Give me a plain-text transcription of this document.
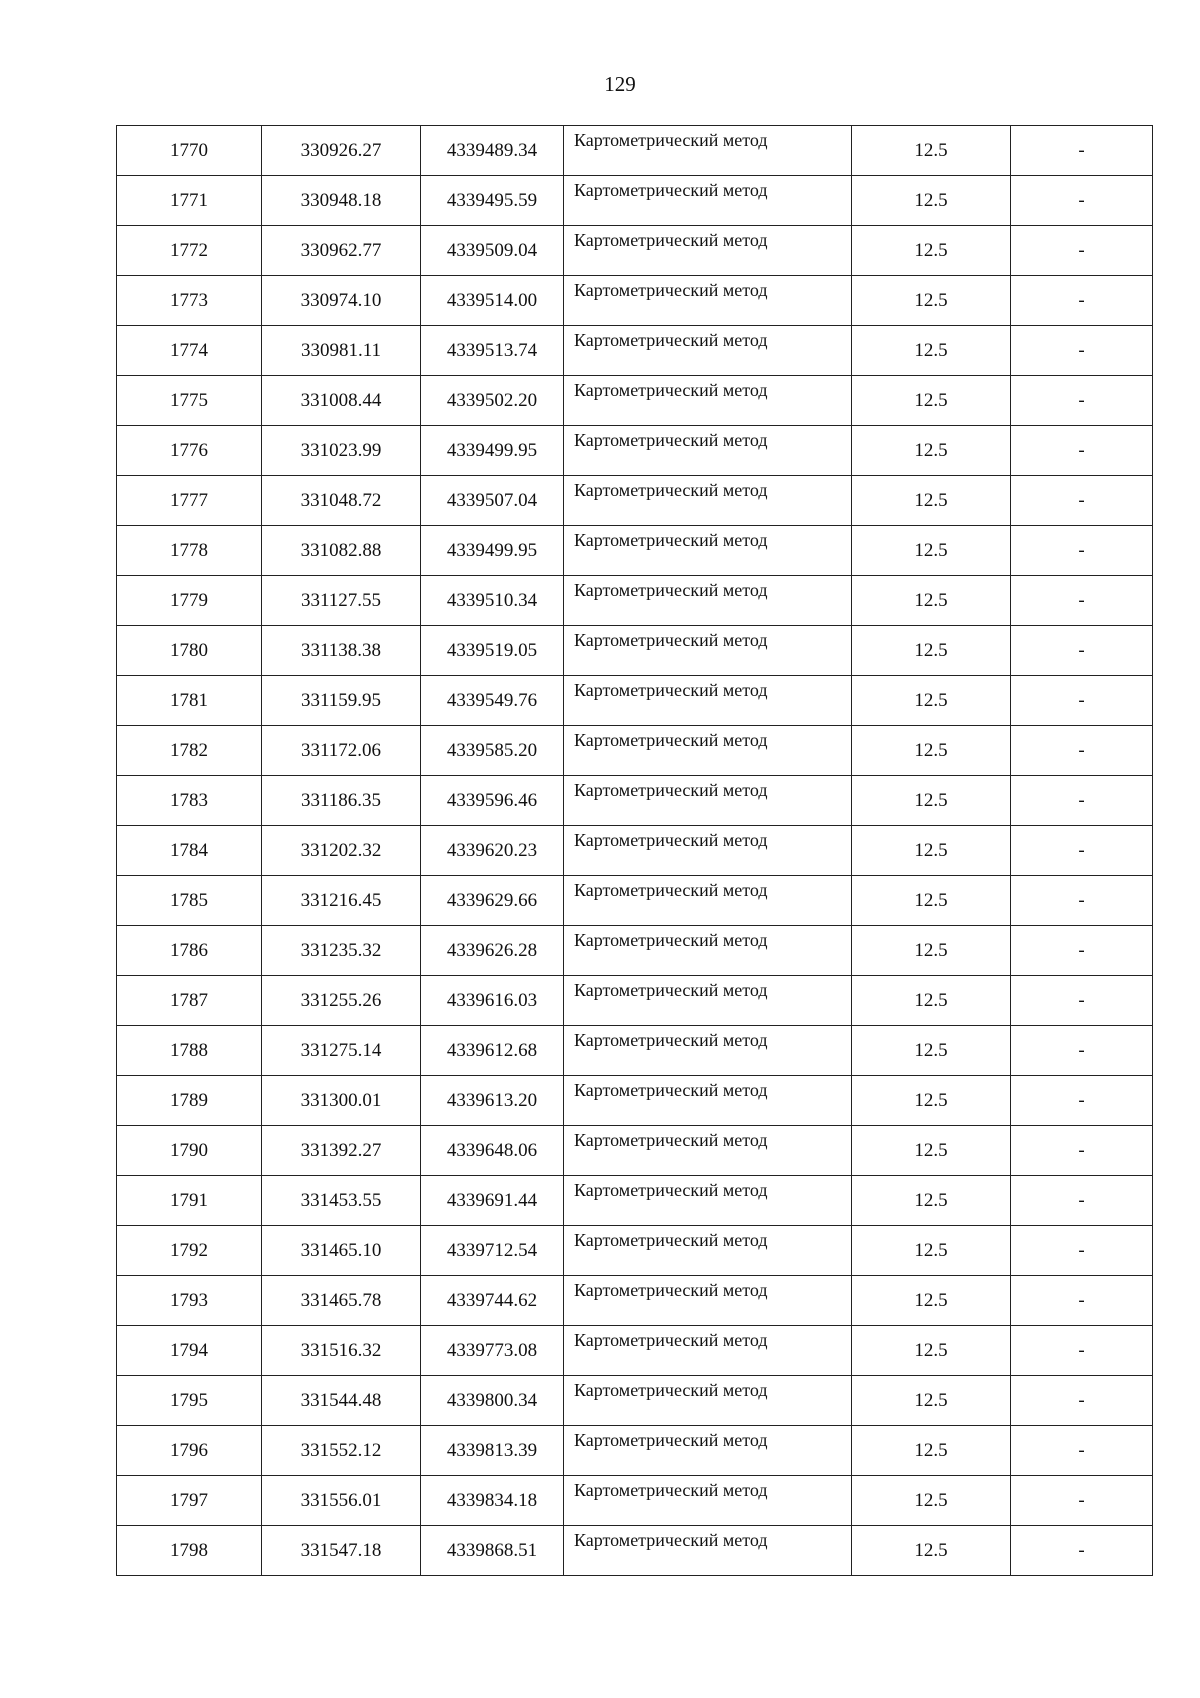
129
1770	330926.27	4339489.34	Картометрический метод	12.5	-
1771	330948.18	4339495.59	Картометрический метод	12.5	-
1772	330962.77	4339509.04	Картометрический метод	12.5	-
1773	330974.10	4339514.00	Картометрический метод	12.5	-
1774	330981.11	4339513.74	Картометрический метод	12.5	-
1775	331008.44	4339502.20	Картометрический метод	12.5	-
1776	331023.99	4339499.95	Картометрический метод	12.5	-
1777	331048.72	4339507.04	Картометрический метод	12.5	-
1778	331082.88	4339499.95	Картометрический метод	12.5	-
1779	331127.55	4339510.34	Картометрический метод	12.5	-
1780	331138.38	4339519.05	Картометрический метод	12.5	-
1781	331159.95	4339549.76	Картометрический метод	12.5	-
1782	331172.06	4339585.20	Картометрический метод	12.5	-
1783	331186.35	4339596.46	Картометрический метод	12.5	-
1784	331202.32	4339620.23	Картометрический метод	12.5	-
1785	331216.45	4339629.66	Картометрический метод	12.5	-
1786	331235.32	4339626.28	Картометрический метод	12.5	-
1787	331255.26	4339616.03	Картометрический метод	12.5	-
1788	331275.14	4339612.68	Картометрический метод	12.5	-
1789	331300.01	4339613.20	Картометрический метод	12.5	-
1790	331392.27	4339648.06	Картометрический метод	12.5	-
1791	331453.55	4339691.44	Картометрический метод	12.5	-
1792	331465.10	4339712.54	Картометрический метод	12.5	-
1793	331465.78	4339744.62	Картометрический метод	12.5	-
1794	331516.32	4339773.08	Картометрический метод	12.5	-
1795	331544.48	4339800.34	Картометрический метод	12.5	-
1796	331552.12	4339813.39	Картометрический метод	12.5	-
1797	331556.01	4339834.18	Картометрический метод	12.5	-
1798	331547.18	4339868.51	Картометрический метод	12.5	-
